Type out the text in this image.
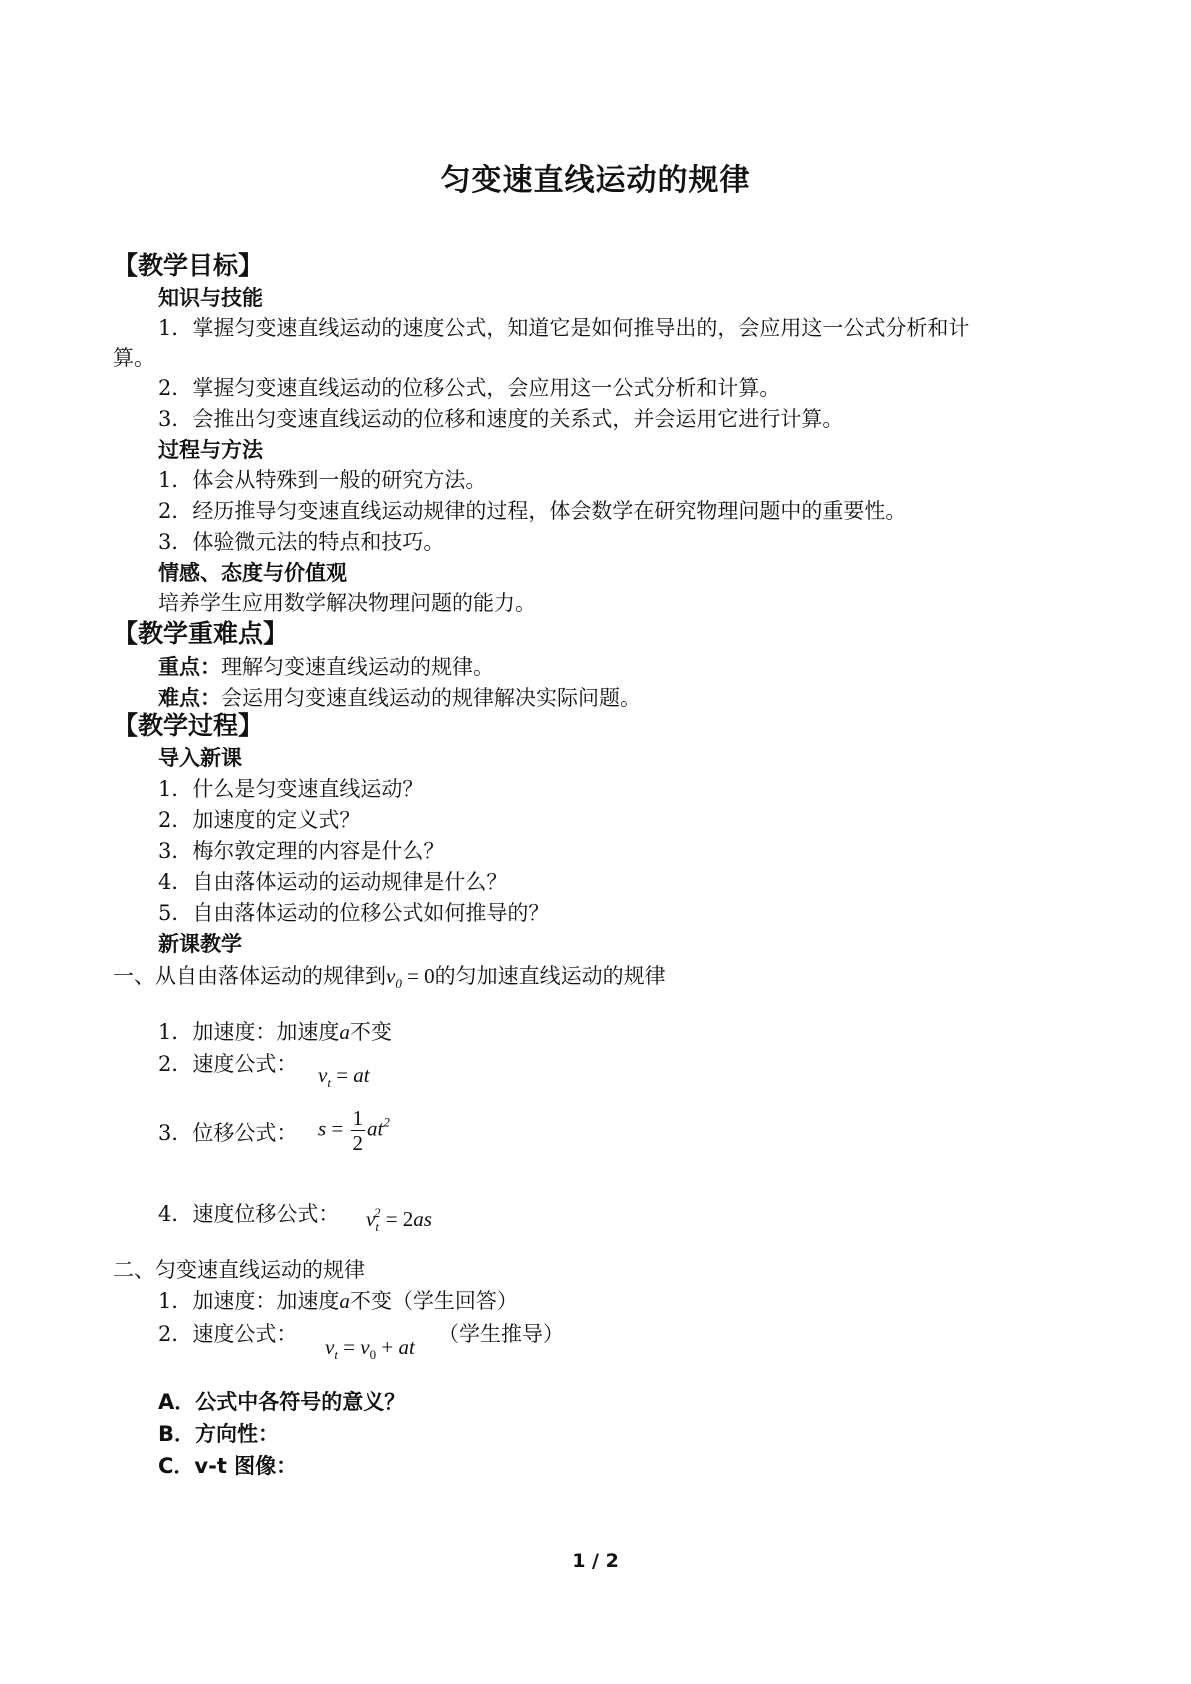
匀变速直线运动的规律
【教学目标】
知识与技能
1．掌握匀变速直线运动的速度公式，知道它是如何推导出的，会应用这一公式分析和计
算。
2．掌握匀变速直线运动的位移公式，会应用这一公式分析和计算。
3．会推出匀变速直线运动的位移和速度的关系式，并会运用它进行计算。
过程与方法
1．体会从特殊到一般的研究方法。
2．经历推导匀变速直线运动规律的过程，体会数学在研究物理问题中的重要性。
3．体验微元法的特点和技巧。
情感、态度与价值观
培养学生应用数学解决物理问题的能力。
【教学重难点】
重点：理解匀变速直线运动的规律。
难点：会运用匀变速直线运动的规律解决实际问题。
【教学过程】
导入新课
1．什么是匀变速直线运动？
2．加速度的定义式？
3．梅尔敦定理的内容是什么？
4．自由落体运动的运动规律是什么？
5．自由落体运动的位移公式如何推导的？
新课教学
一、从自由落体运动的规律到$v_0 = 0$的匀加速直线运动的规律
1．加速度：加速度a不变
2．速度公式： $v_t$ = at
3．位移公式： $s = \frac{1}{2} at^2$
4．速度位移公式： $v_t^2 = 2as$
二、匀变速直线运动的规律
1．加速度：加速度a不变（学生回答）
2．速度公式：
$v_t = v_0$ + at
（学生推导）
A．公式中各符号的意义？
B．方向性：
C．v-t 图像：
1 / 2
